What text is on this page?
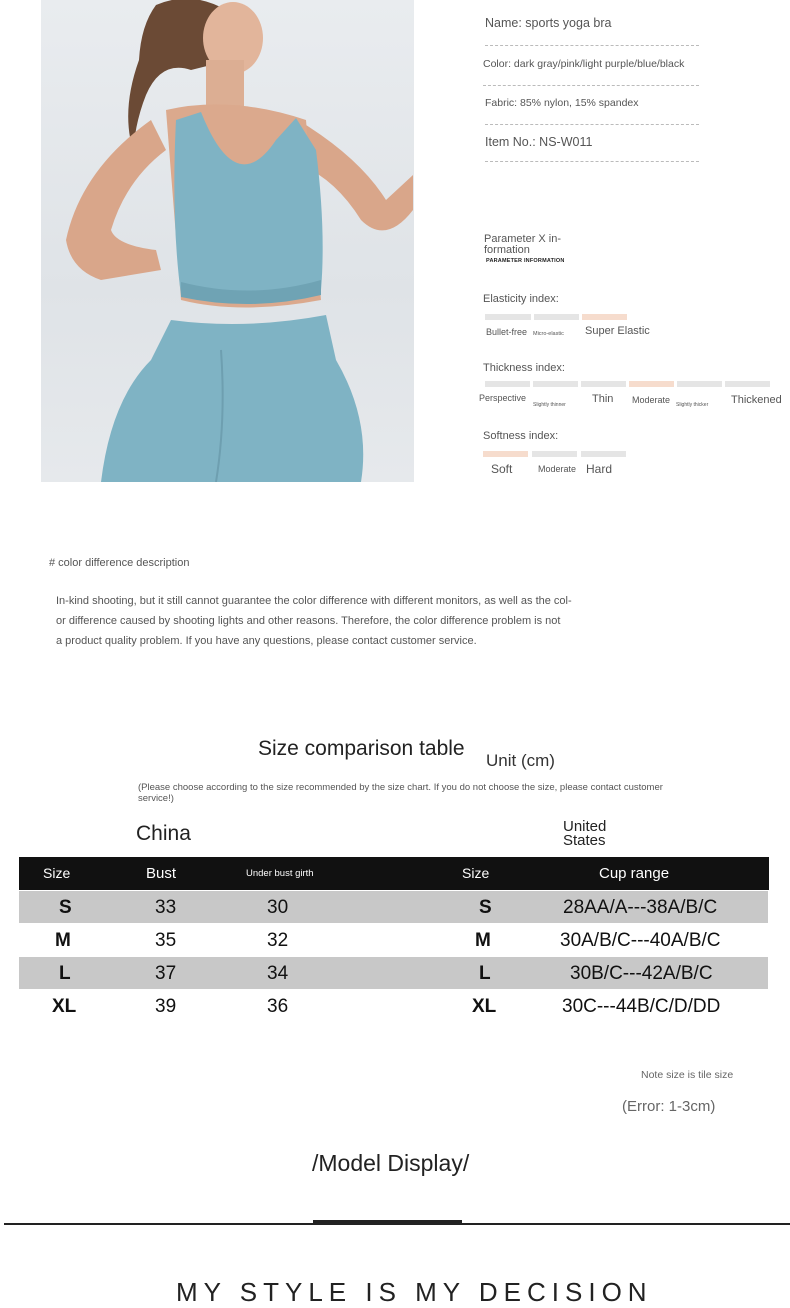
Name: sports yoga bra
Color: dark gray/pink/light purple/blue/black
Fabric: 85% nylon, 15% spandex
Item No.: NS-W011
Parameter X in-formation
PARAMETER INFORMATION
Elasticity index:
Bullet-free Micro-elastic Super Elastic
Thickness index:
Perspective
Slightly thinner Thin Moderate Slightly thicker Thickened
Softness index:
Soft	Moderate Hard
# color difference description
In-kind shooting, but it still cannot guarantee the color difference with different monitors, as well as the col-
or difference caused by shooting lights and other reasons. Therefore, the color difference problem is not
a product quality problem. If you have any questions, please contact customer service.
Size comparison table
Unit (cm)
(Please choose according to the size recommended by the size chart. If you do not choose the size, please contact customer service!)
China	United
States
Size	Bust	Under bust girth	Size	Cup range
S	33	30	S	28AA/A---38A/B/C
M	35	32	M	30A/B/C---40A/B/C
L	37	34	L	30B/C---42A/B/C
XL	39	36	XL	30C---44B/C/D/DD
Note size is tile size
(Error: 1-3cm)
/Model Display/
MY STYLE IS MY DECISION
